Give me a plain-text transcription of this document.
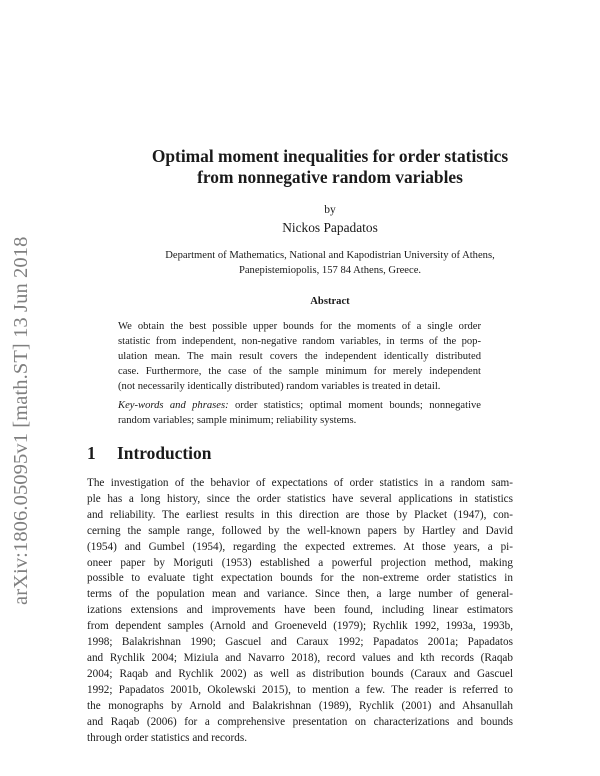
arXiv:1806.05095v1 [math.ST] 13 Jun 2018
Optimal moment inequalities for order statistics
from nonnegative random variables
by
Nickos Papadatos
Department of Mathematics, National and Kapodistrian University of Athens,
Panepistemiopolis, 157 84 Athens, Greece.
Abstract
We obtain the best possible upper bounds for the moments of a single order
statistic from independent, non-negative random variables, in terms of the pop-
ulation mean. The main result covers the independent identically distributed
case. Furthermore, the case of the sample minimum for merely independent
(not necessarily identically distributed) random variables is treated in detail.
Key-words and phrases: order statistics; optimal moment bounds; nonnegative
random variables; sample minimum; reliability systems.
1 Introduction
The investigation of the behavior of expectations of order statistics in a random sam-
ple has a long history, since the order statistics have several applications in statistics
and reliability. The earliest results in this direction are those by Placket (1947), con-
cerning the sample range, followed by the well-known papers by Hartley and David
(1954) and Gumbel (1954), regarding the expected extremes. At those years, a pi-
oneer paper by Moriguti (1953) established a powerful projection method, making
possible to evaluate tight expectation bounds for the non-extreme order statistics in
terms of the population mean and variance. Since then, a large number of general-
izations extensions and improvements have been found, including linear estimators
from dependent samples (Arnold and Groeneveld (1979); Rychlik 1992, 1993a, 1993b,
1998; Balakrishnan 1990; Gascuel and Caraux 1992; Papadatos 2001a; Papadatos
and Rychlik 2004; Miziula and Navarro 2018), record values and kth records (Raqab
2004; Raqab and Rychlik 2002) as well as distribution bounds (Caraux and Gascuel
1992; Papadatos 2001b, Okolewski 2015), to mention a few. The reader is referred to
the monographs by Arnold and Balakrishnan (1989), Rychlik (2001) and Ahsanullah
and Raqab (2006) for a comprehensive presentation on characterizations and bounds
through order statistics and records.
